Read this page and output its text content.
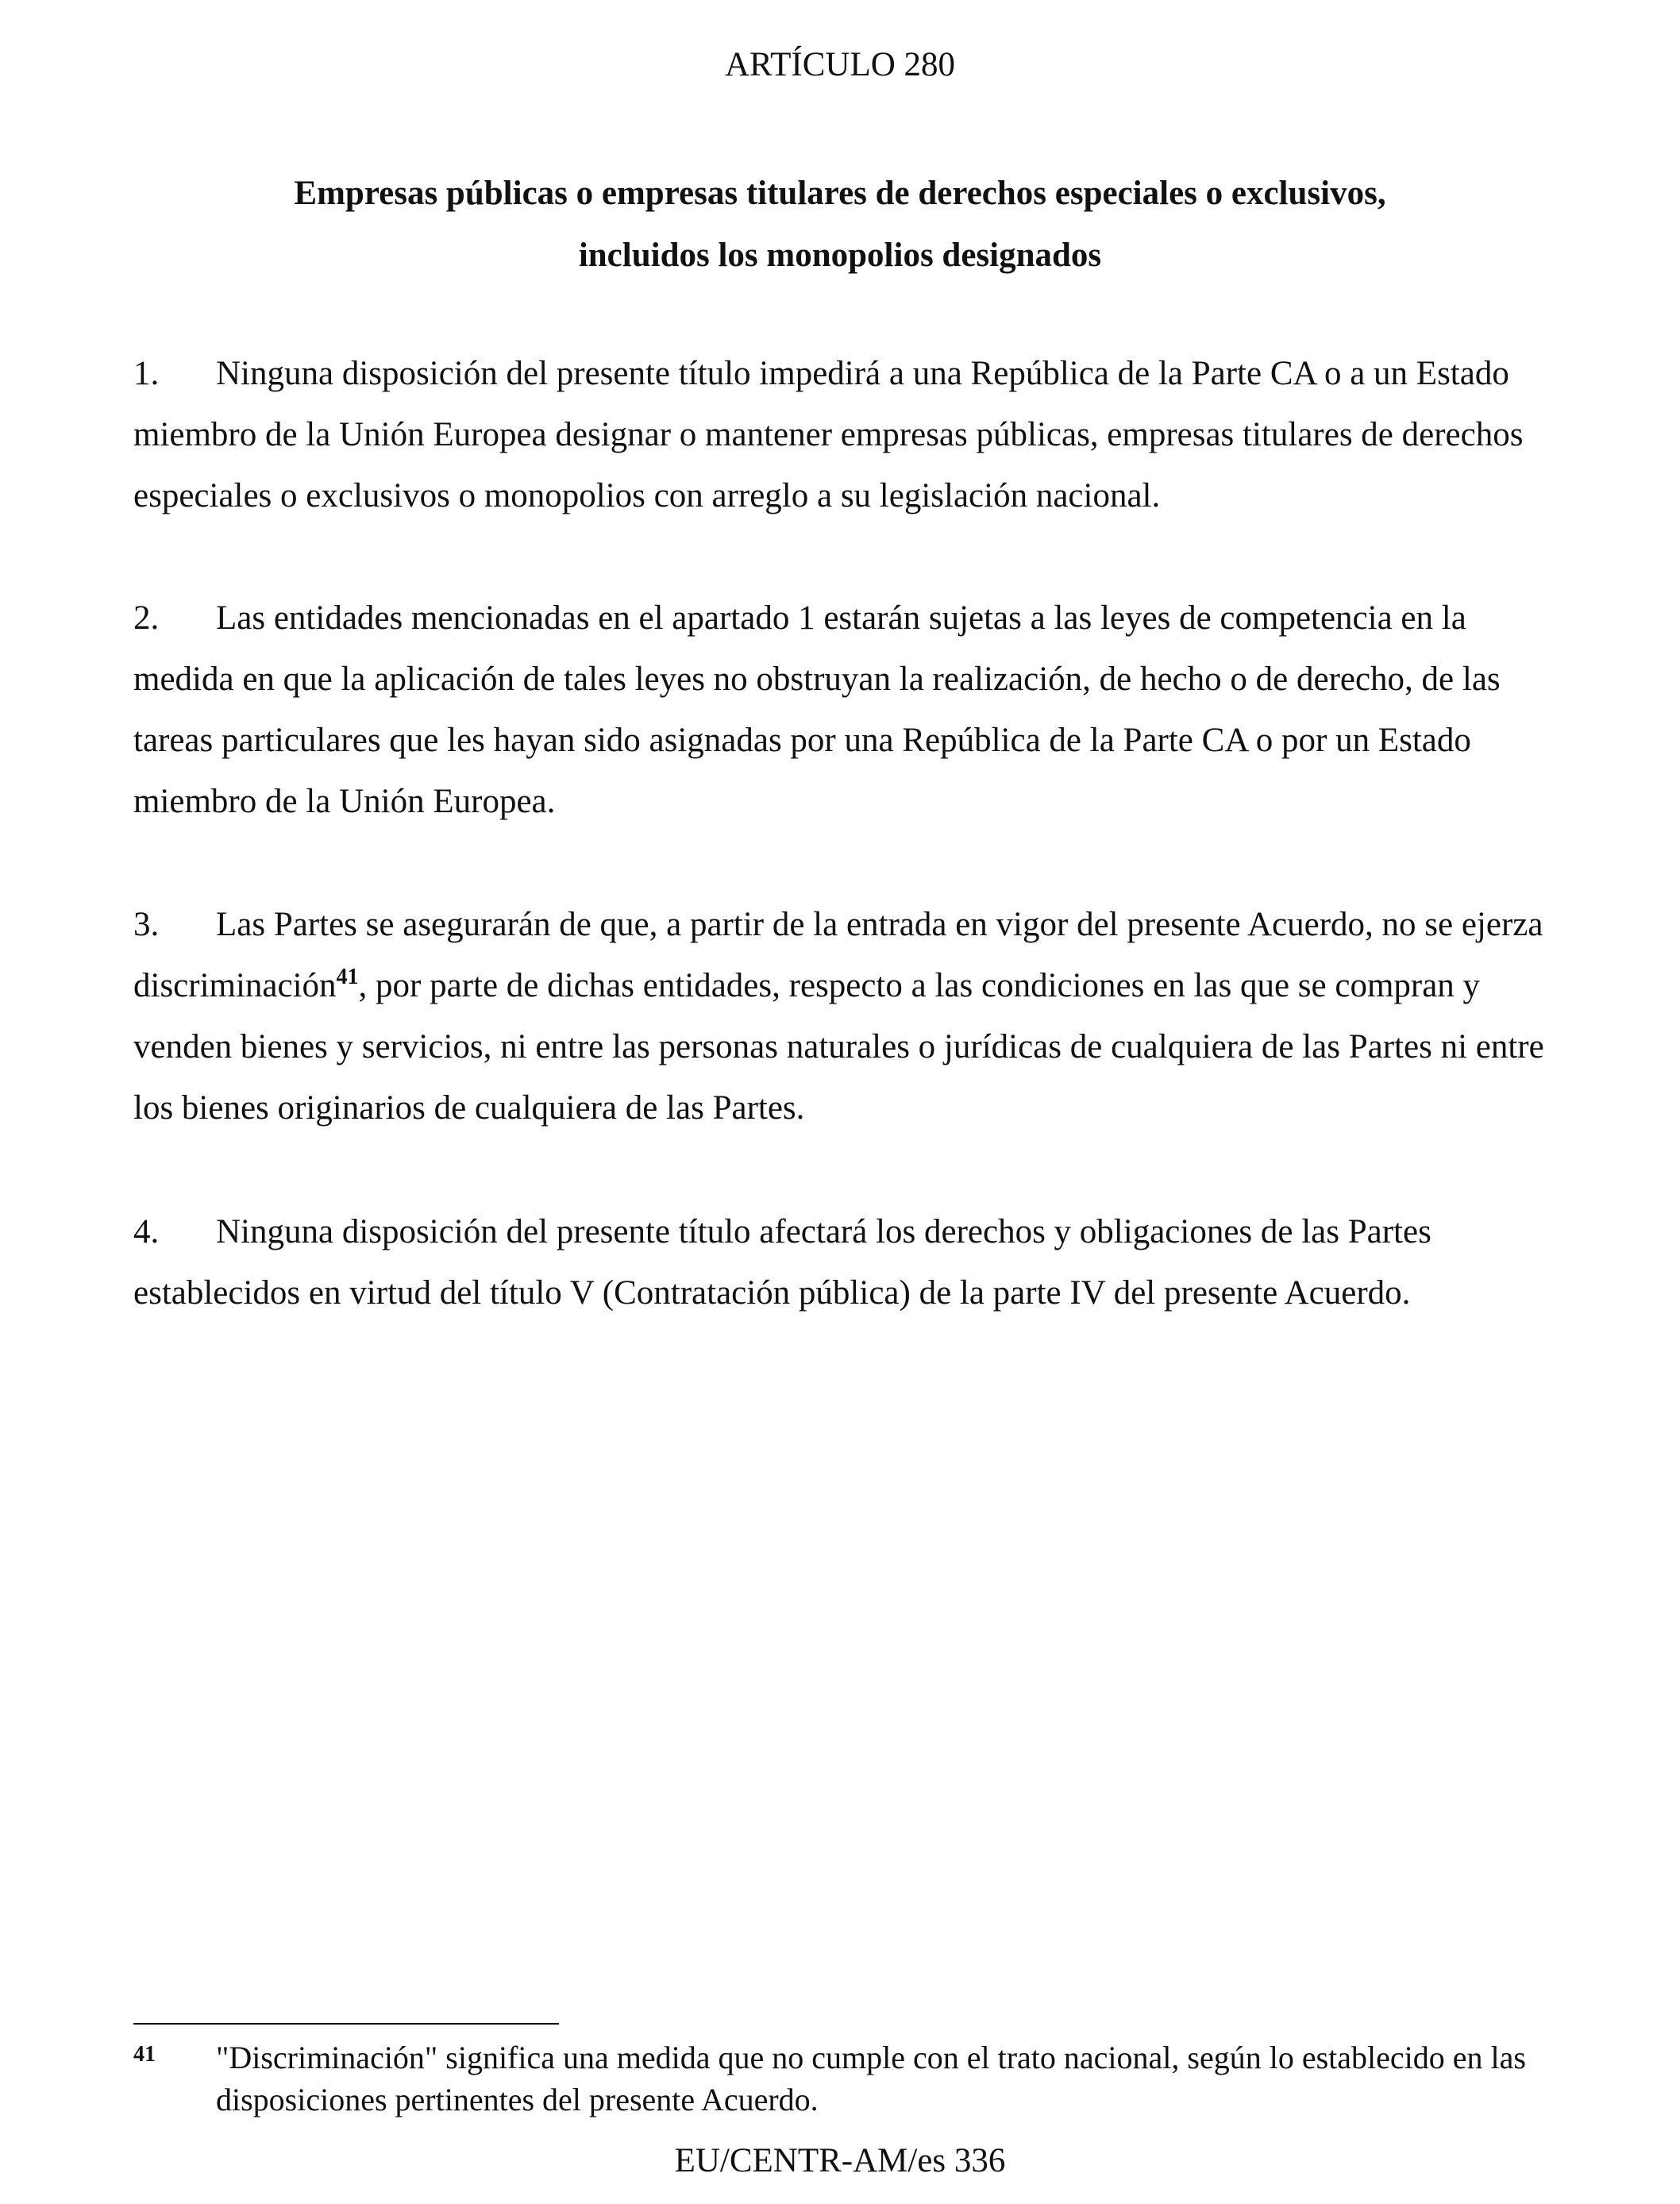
ARTÍCULO 280
Empresas públicas o empresas titulares de derechos especiales o exclusivos,
incluidos los monopolios designados

1. Ninguna disposición del presente título impedirá a una República de la Parte CA o a un Estado miembro de la Unión Europea designar o mantener empresas públicas, empresas titulares de derechos especiales o exclusivos o monopolios con arreglo a su legislación nacional.

2. Las entidades mencionadas en el apartado 1 estarán sujetas a las leyes de competencia en la medida en que la aplicación de tales leyes no obstruyan la realización, de hecho o de derecho, de las tareas particulares que les hayan sido asignadas por una República de la Parte CA o por un Estado miembro de la Unión Europea.

3. Las Partes se asegurarán de que, a partir de la entrada en vigor del presente Acuerdo, no se ejerza discriminación$^{41}$, por parte de dichas entidades, respecto a las condiciones en las que se compran y venden bienes y servicios, ni entre las personas naturales o jurídicas de cualquiera de las Partes ni entre los bienes originarios de cualquiera de las Partes.

4. Ninguna disposición del presente título afectará los derechos y obligaciones de las Partes establecidos en virtud del título V (Contratación pública) de la parte IV del presente Acuerdo.

41 "Discriminación" significa una medida que no cumple con el trato nacional, según lo establecido en las disposiciones pertinentes del presente Acuerdo.
EU/CENTR-AM/es 336
